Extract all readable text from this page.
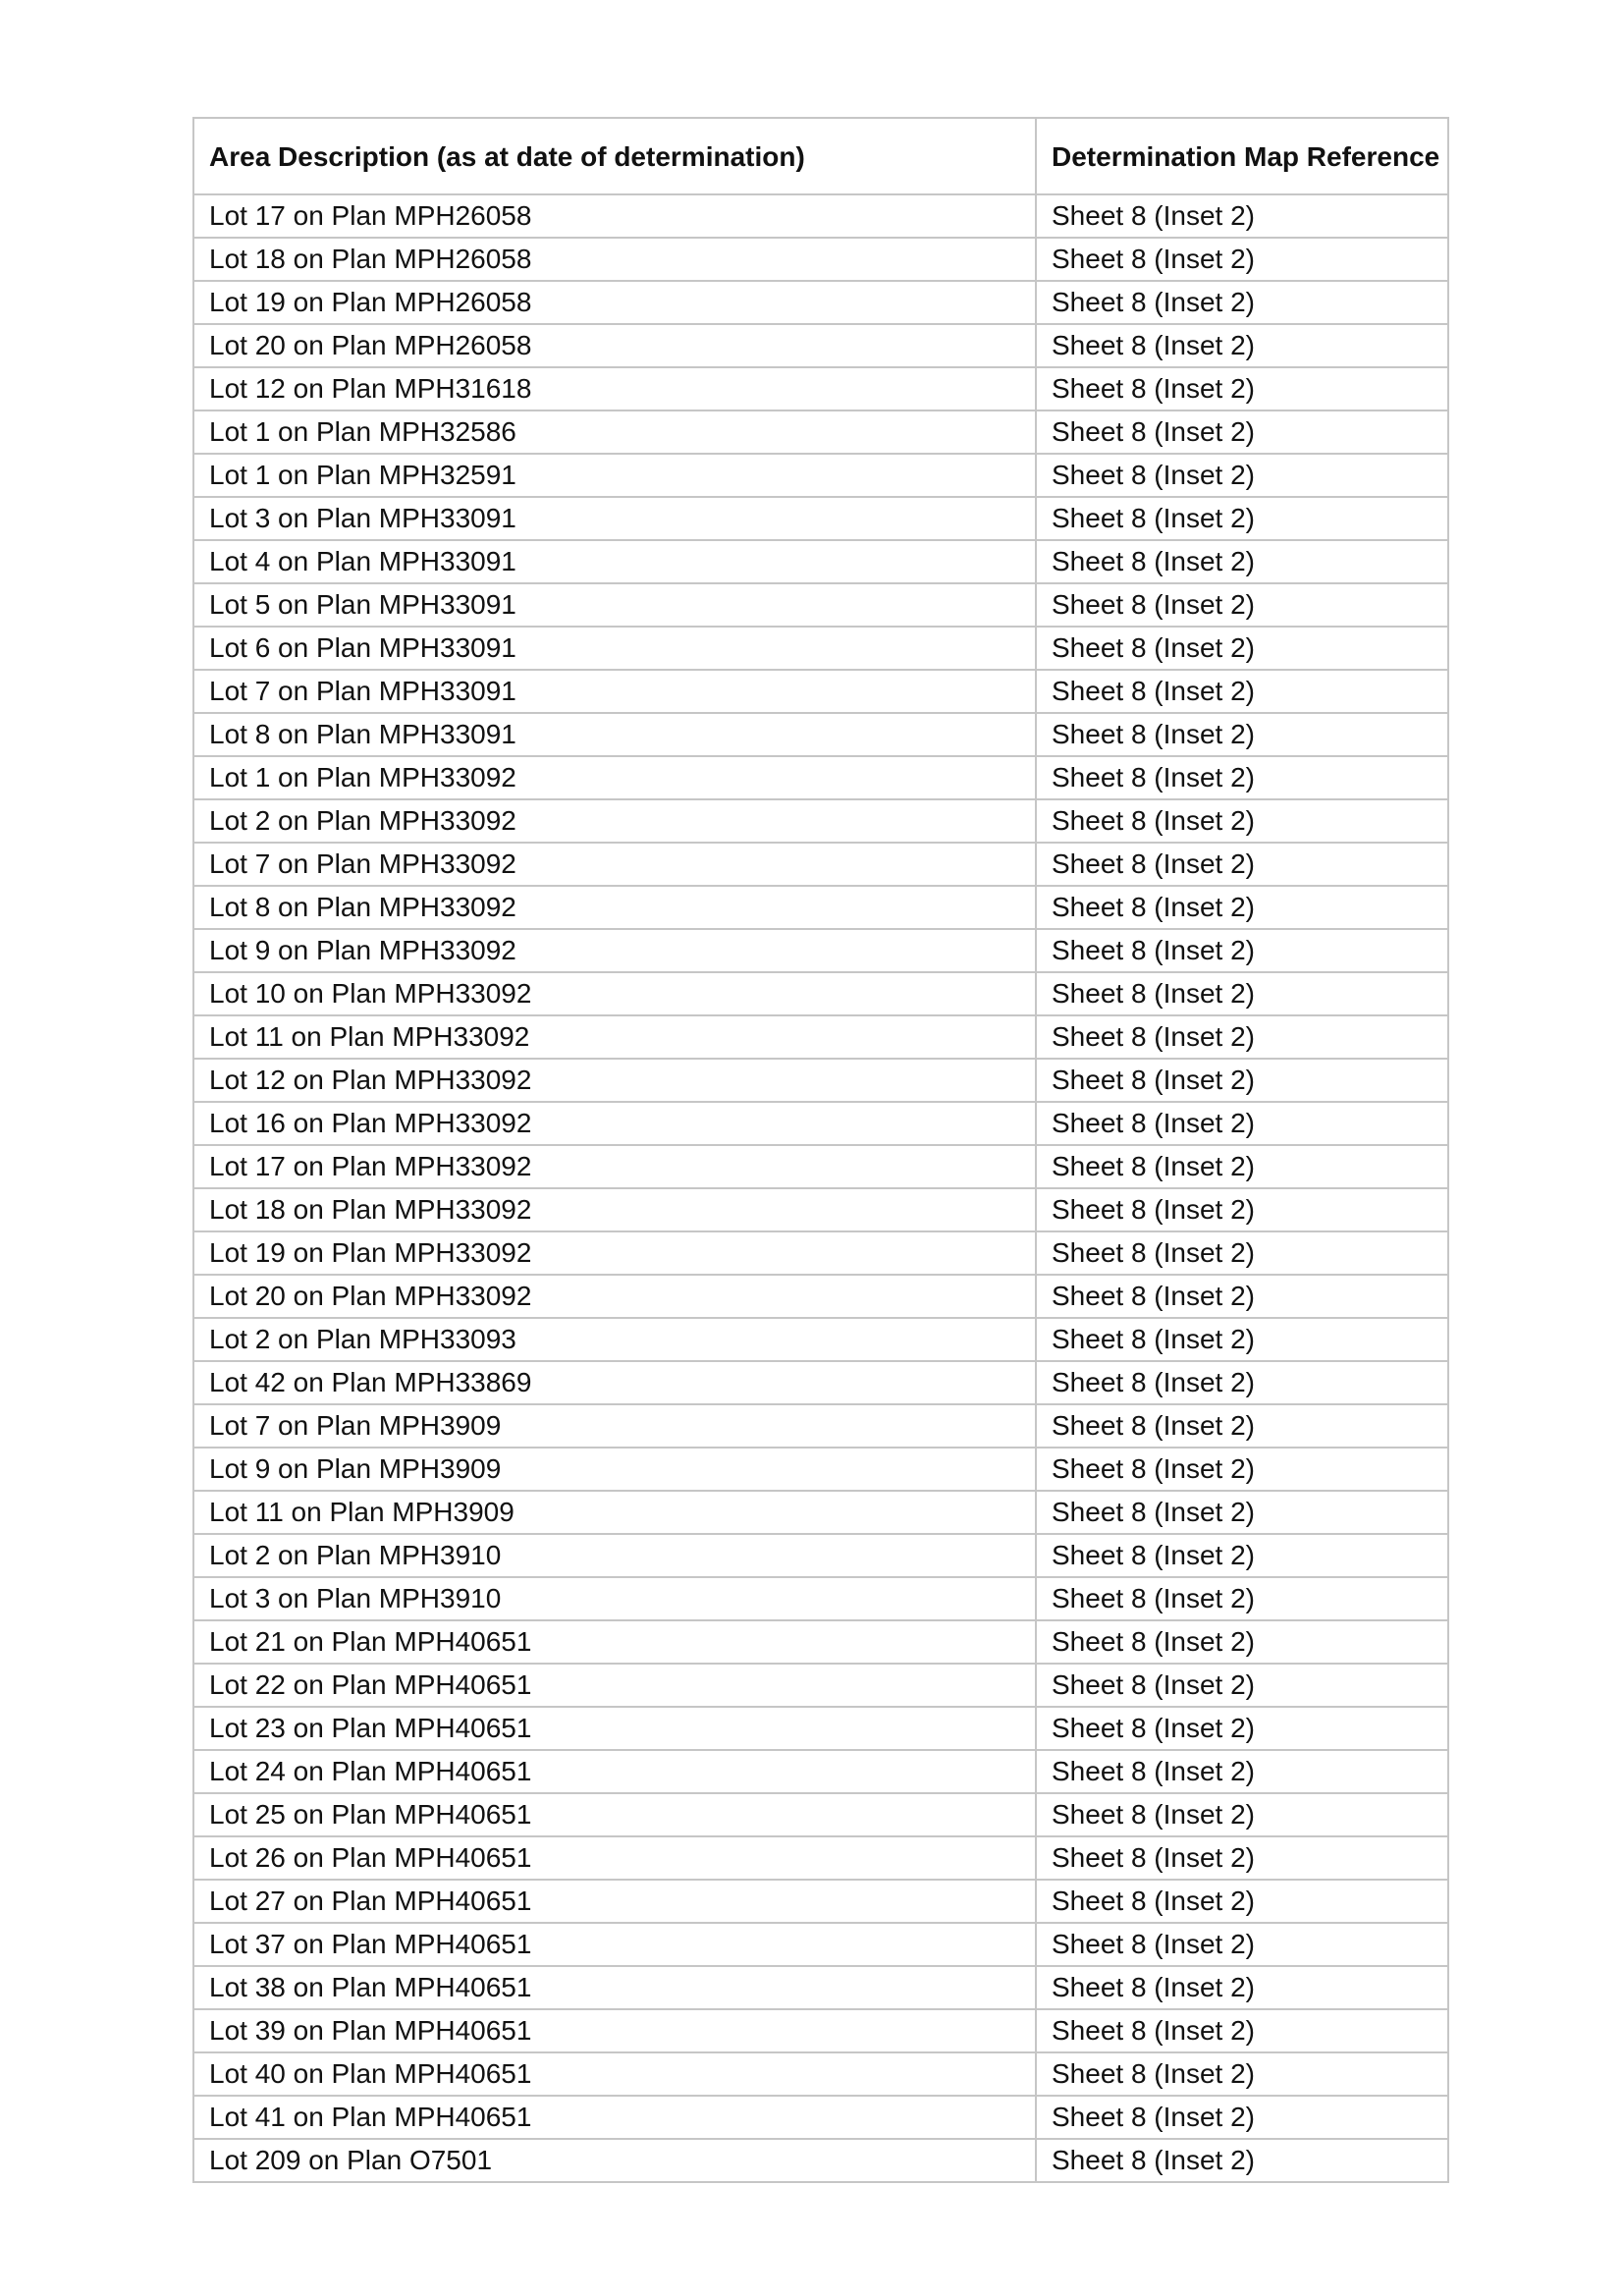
Area Description (as at date of determination)	Determination Map Reference
Lot 17 on Plan MPH26058	Sheet 8 (Inset 2)
Lot 18 on Plan MPH26058	Sheet 8 (Inset 2)
Lot 19 on Plan MPH26058	Sheet 8 (Inset 2)
Lot 20 on Plan MPH26058	Sheet 8 (Inset 2)
Lot 12 on Plan MPH31618	Sheet 8 (Inset 2)
Lot 1 on Plan MPH32586	Sheet 8 (Inset 2)
Lot 1 on Plan MPH32591	Sheet 8 (Inset 2)
Lot 3 on Plan MPH33091	Sheet 8 (Inset 2)
Lot 4 on Plan MPH33091	Sheet 8 (Inset 2)
Lot 5 on Plan MPH33091	Sheet 8 (Inset 2)
Lot 6 on Plan MPH33091	Sheet 8 (Inset 2)
Lot 7 on Plan MPH33091	Sheet 8 (Inset 2)
Lot 8 on Plan MPH33091	Sheet 8 (Inset 2)
Lot 1 on Plan MPH33092	Sheet 8 (Inset 2)
Lot 2 on Plan MPH33092	Sheet 8 (Inset 2)
Lot 7 on Plan MPH33092	Sheet 8 (Inset 2)
Lot 8 on Plan MPH33092	Sheet 8 (Inset 2)
Lot 9 on Plan MPH33092	Sheet 8 (Inset 2)
Lot 10 on Plan MPH33092	Sheet 8 (Inset 2)
Lot 11 on Plan MPH33092	Sheet 8 (Inset 2)
Lot 12 on Plan MPH33092	Sheet 8 (Inset 2)
Lot 16 on Plan MPH33092	Sheet 8 (Inset 2)
Lot 17 on Plan MPH33092	Sheet 8 (Inset 2)
Lot 18 on Plan MPH33092	Sheet 8 (Inset 2)
Lot 19 on Plan MPH33092	Sheet 8 (Inset 2)
Lot 20 on Plan MPH33092	Sheet 8 (Inset 2)
Lot 2 on Plan MPH33093	Sheet 8 (Inset 2)
Lot 42 on Plan MPH33869	Sheet 8 (Inset 2)
Lot 7 on Plan MPH3909	Sheet 8 (Inset 2)
Lot 9 on Plan MPH3909	Sheet 8 (Inset 2)
Lot 11 on Plan MPH3909	Sheet 8 (Inset 2)
Lot 2 on Plan MPH3910	Sheet 8 (Inset 2)
Lot 3 on Plan MPH3910	Sheet 8 (Inset 2)
Lot 21 on Plan MPH40651	Sheet 8 (Inset 2)
Lot 22 on Plan MPH40651	Sheet 8 (Inset 2)
Lot 23 on Plan MPH40651	Sheet 8 (Inset 2)
Lot 24 on Plan MPH40651	Sheet 8 (Inset 2)
Lot 25 on Plan MPH40651	Sheet 8 (Inset 2)
Lot 26 on Plan MPH40651	Sheet 8 (Inset 2)
Lot 27 on Plan MPH40651	Sheet 8 (Inset 2)
Lot 37 on Plan MPH40651	Sheet 8 (Inset 2)
Lot 38 on Plan MPH40651	Sheet 8 (Inset 2)
Lot 39 on Plan MPH40651	Sheet 8 (Inset 2)
Lot 40 on Plan MPH40651	Sheet 8 (Inset 2)
Lot 41 on Plan MPH40651	Sheet 8 (Inset 2)
Lot 209 on Plan O7501	Sheet 8 (Inset 2)
